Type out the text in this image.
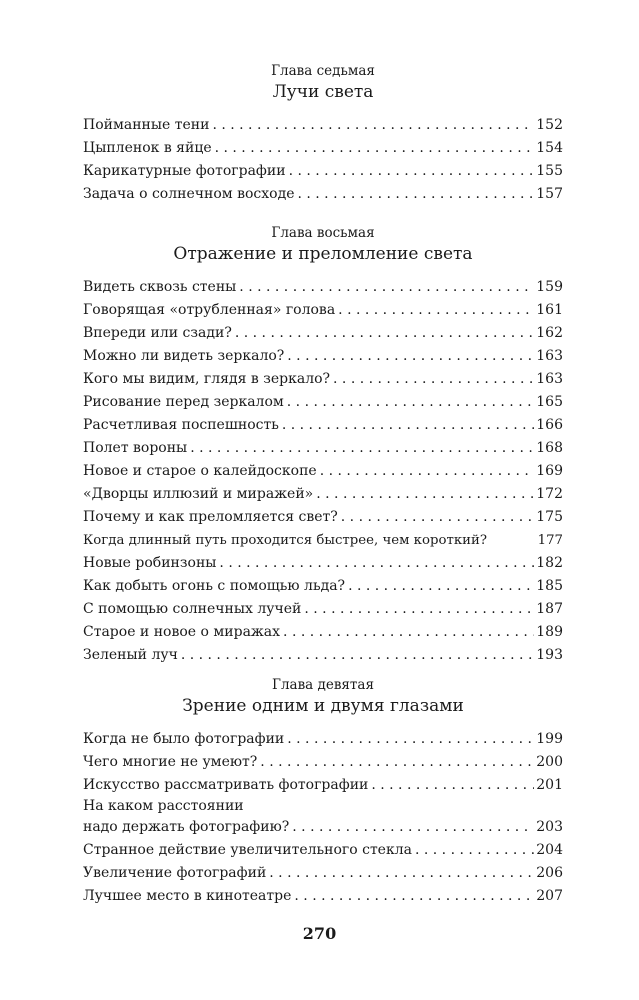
Глава седьмая
Лучи света
Пойманные тени . . .	152
Цыпленок в яйце . . .	154
Карикатурные фотографии . . .	155
Задача о солнечном восходе . . .	157
Глава восьмая
Отражение и преломление света
Видеть сквозь стены . . .	159
Говорящая «отрубленная» голова . . .	161
Впереди или сзади? . . .	162
Можно ли видеть зеркало? . . .	163
Кого мы видим, глядя в зеркало? . . .	163
Рисование перед зеркалом . . .	165
Расчетливая поспешность . . .	166
Полет вороны . . .	168
Новое и старое о калейдоскопе . . .	169
«Дворцы иллюзий и миражей» . . .	172
Почему и как преломляется свет? . . .	175
Когда длинный путь проходится быстрее, чем короткий?	177
Новые робинзоны . . .	182
Как добыть огонь с помощью льда? . . .	185
С помощью солнечных лучей . . .	187
Старое и новое о миражах . . .	189
Зеленый луч . . .	193
Глава девятая
Зрение одним и двумя глазами
Когда не было фотографии . . .	199
Чего многие не умеют? . . .	200
Искусство рассматривать фотографии . . .	201
На каком расстоянии
надо держать фотографию? . . .	203
Странное действие увеличительного стекла . . .	204
Увеличение фотографий . . .	206
Лучшее место в кинотеатре . . .	207
270
